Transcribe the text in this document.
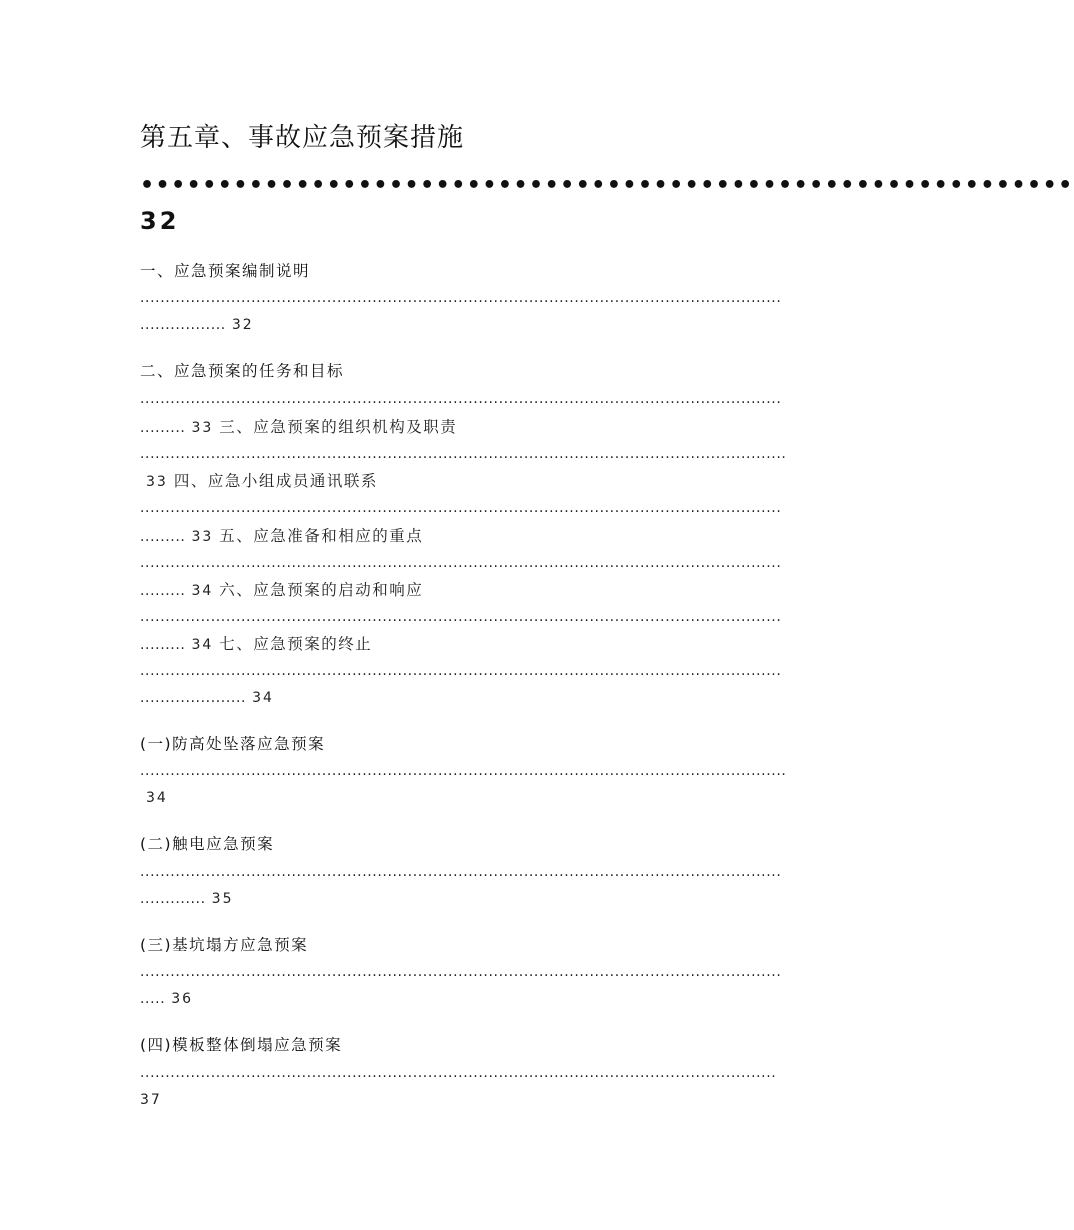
第五章、事故应急预案措施
••••••••••••••••••••••••••••••••••••••••••••••••••••••••••••
32
一、应急预案编制说明
...............................................................................................................................
................. 32
二、应急预案的任务和目标
...............................................................................................................................
......... 33 三、应急预案的组织机构及职责
................................................................................................................................
33 四、应急小组成员通讯联系
...............................................................................................................................
......... 33 五、应急准备和相应的重点
...............................................................................................................................
......... 34 六、应急预案的启动和响应
...............................................................................................................................
......... 34 七、应急预案的终止
...............................................................................................................................
..................... 34
(一)防高处坠落应急预案
................................................................................................................................
34
(二)触电应急预案
...............................................................................................................................
............. 35
(三)基坑塌方应急预案
...............................................................................................................................
..... 36
(四)模板整体倒塌应急预案
..............................................................................................................................
37
